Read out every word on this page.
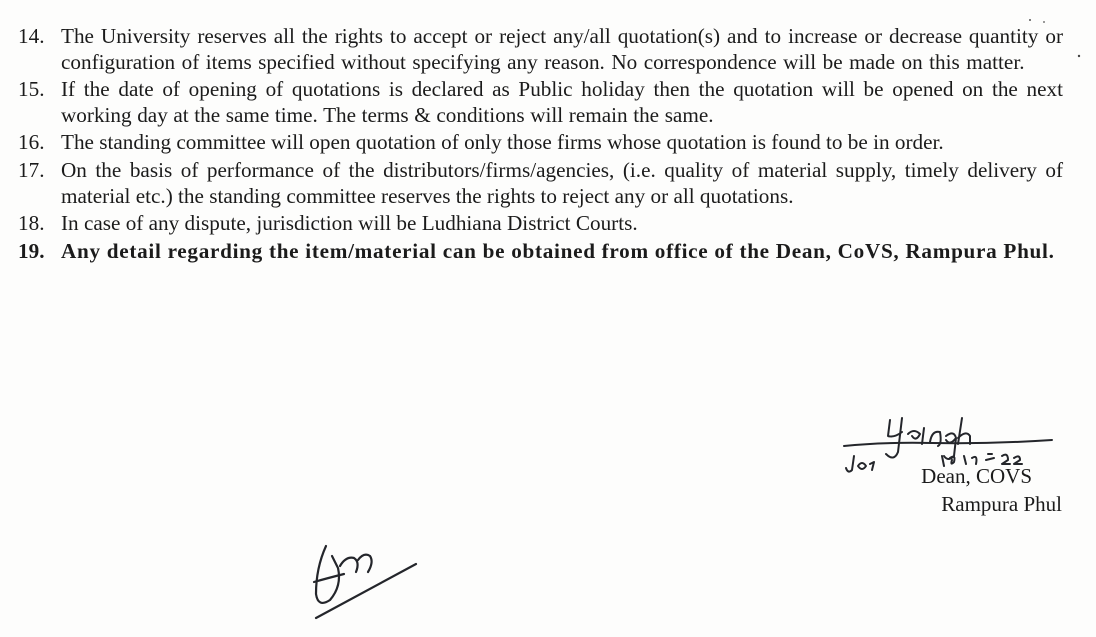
14. The University reserves all the rights to accept or reject any/all quotation(s) and to increase or decrease quantity or configuration of items specified without specifying any reason. No correspondence will be made on this matter.
15. If the date of opening of quotations is declared as Public holiday then the quotation will be opened on the next working day at the same time. The terms & conditions will remain the same.
16. The standing committee will open quotation of only those firms whose quotation is found to be in order.
17. On the basis of performance of the distributors/firms/agencies, (i.e. quality of material supply, timely delivery of material etc.) the standing committee reserves the rights to reject any or all quotations.
18. In case of any dispute, jurisdiction will be Ludhiana District Courts.
19. Any detail regarding the item/material can be obtained from office of the Dean, CoVS, Rampura Phul.
Dean, COVS
Rampura Phul
